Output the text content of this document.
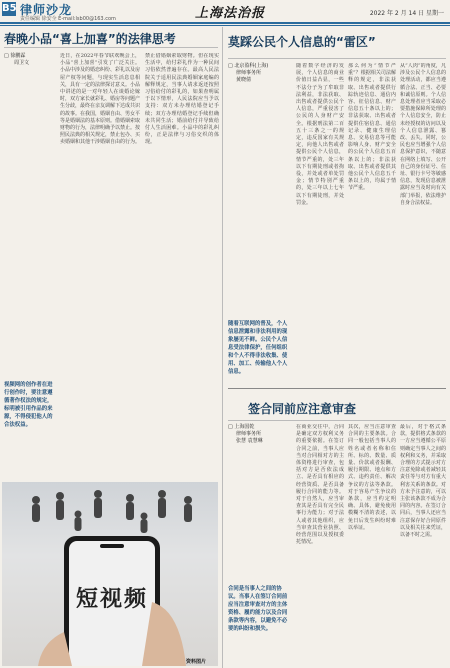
B5 律师沙龙
责任编辑 徐安全 E-mail:lsb00@163.com	上海法治报	2022 年 2 月 14 日 星期一
春晚小品“喜上加喜”的法律思考
□ 徐鹏霖
周卫文
视频网的创作者在进行创作时，要注意遵循著作权法的规定，标明被引用作品的来源，不得侵犯他人的合法权益。
近日，在2022年春节联欢晚会上，小品“喜上加喜”引发了广泛关注。小品中涉及的婚恋纠纷、彩礼以及房屋产权等问题，与现实生活息息相关，具有一定的法律探讨意义。小品中讲述的是一对年轻人在谈婚论嫁时，双方家长就彩礼、婚房等问题产生分歧，最终在亲友调解下达成共识的故事。在我国，婚姻自由、男女平等是婚姻法的基本原则。借婚姻索取财物的行为，法律明确予以禁止。按照民法典的相关规定，禁止包办、买卖婚姻和其他干涉婚姻自由的行为。
禁止借婚姻索取财物。但在现实生活中，给付彩礼作为一种民间习俗依然普遍存在。最高人民法院关于适用民法典婚姻家庭编的解释规定，当事人请求返还按照习俗给付的彩礼的，如果查明属于以下情形，人民法院应当予以支持：双方未办理结婚登记手续；双方办理结婚登记手续但确未共同生活；婚前给付并导致给付人生活困难。小品中的彩礼纠纷，正是法律与习俗交织的体现。
短视频
资料图片
莫踩公民个人信息的“雷区”
□ 北京盈科(上海)
律师事务所
黄晓倩
随着互联网的普及，个人信息泄露和非法利用的现象屡见不鲜。公民个人信息受法律保护，任何组织和个人不得非法收集、使用、加工、传输他人个人信息。
随着数字经济的发展，个人信息的商业价值日益凸显，一些不法分子为了牟取非法利益，非法获取、出售或者提供公民个人信息，严重侵害了公民的人身财产安全。根据刑法第二百五十三条之一的规定，违反国家有关规定，向他人出售或者提供公民个人信息，情节严重的，处三年以下有期徒刑或者拘役，并处或者单处罚金；情节特别严重的，处三年以上七年以下有期徒刑，并处罚金。
那么何为“情节严重”？根据相关司法解释的规定，非法获取、出售或者提供行踪轨迹信息、通信内容、征信信息、财产信息五十条以上的；非法获取、出售或者提供住宿信息、通信记录、健康生理信息、交易信息等可能影响人身、财产安全的公民个人信息五百条以上的；非法获取、出售或者提供其他公民个人信息五千条以上的，均属于情节严重。
从“人肉”的角度，凡涉及公民个人信息的处理活动，都应当遵循合法、正当、必要和诚信原则。个人信息处理者应当采取必要措施保障所处理的个人信息安全，防止未经授权的访问以及个人信息泄露、篡改、丢失。同时，公民也应当增强个人信息保护意识，不随意在网络上填写、公开自己的身份证号、住址、银行卡号等敏感信息，发现信息被泄露时应当及时向有关部门举报，依法维护自身合法权益。
签合同前应注意审查
□ 上海国乾
律师事务所
张慧 袁慧琳
合同是当事人之间的协议。当事人在签订合同前应当注意审查对方的主体资格、履约能力以及合同条款等内容，以避免不必要的纠纷和损失。
在商业交往中，合同是确定双方权利义务的重要依据。在签订合同之前，当事人应当对合同相对方的主体资格进行审查，包括对方是否依法成立、是否具有相应的经营资质、是否具备履行合同的能力等。对于自然人，应当审查其是否具有完全民事行为能力；对于法人或者其他组织，应当审查其营业执照、经营范围以及授权委托情况。
其次，应当注意审查合同的主要条款。合同一般包括当事人的姓名或者名称和住所、标的、数量、质量、价款或者报酬、履行期限、地点和方式、违约责任、解决争议的方法等条款。对于容易产生争议的条款，应当约定明确、具体，避免使用模糊不清的表述，以免日后发生纠纷时难以举证。
最后，对于格式条款，提供格式条款的一方应当遵循公平原则确定当事人之间的权利和义务，并采取合理的方式提示对方注意免除或者减轻其责任等与对方有重大利害关系的条款。对方未予注意的，可以主张该条款不成为合同的内容。在签订合同后，当事人还应当注意保存好合同原件以及相关往来凭证，以备不时之需。
